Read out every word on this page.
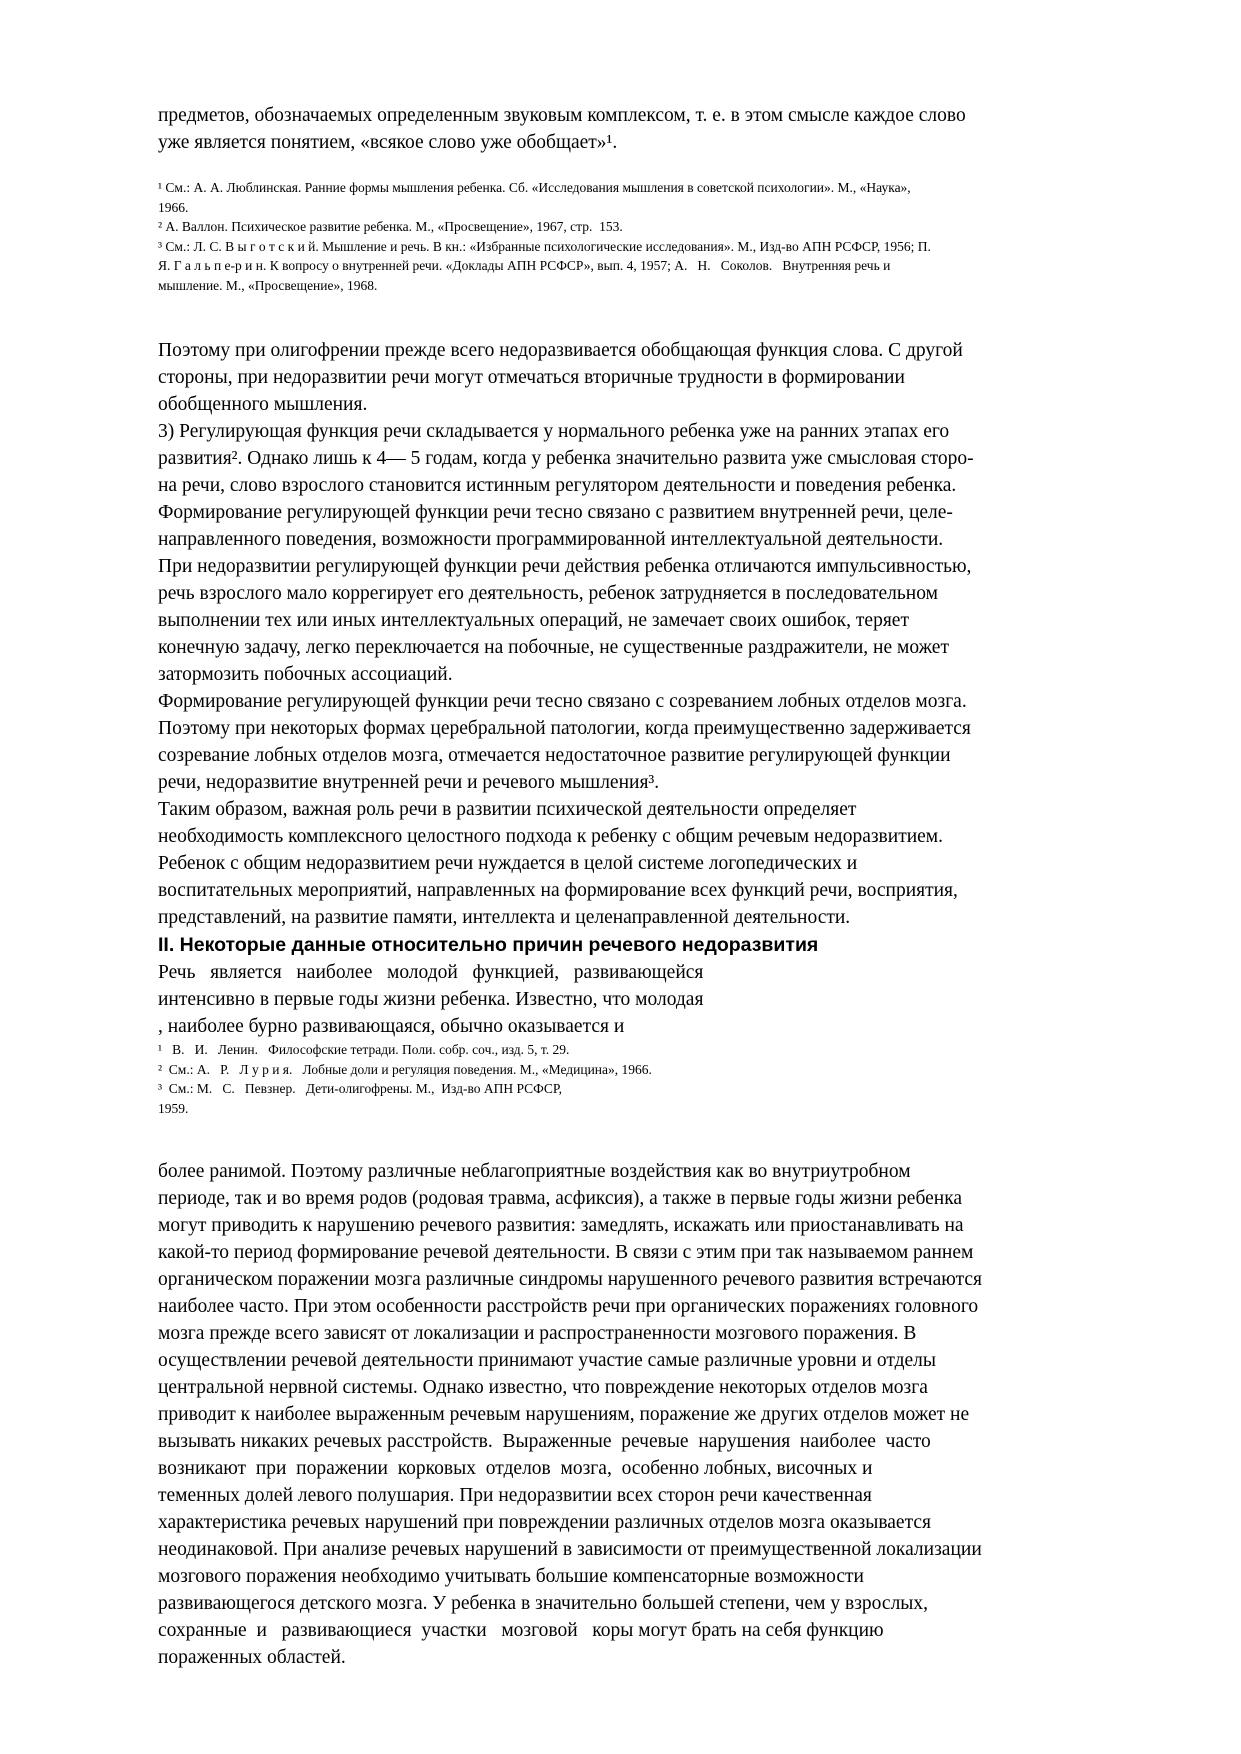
предметов, обозначаемых определенным звуковым комплексом, т. е. в этом смысле каждое слово
уже является понятием, «всякое слово уже обобщает»¹.
¹ См.: А. А. Люблинская. Ранние формы мышления ребенка. Сб. «Исследования мышления в советской психологии». М., «Наука»,
1966.
² А. Валлон. Психическое развитие ребенка. М., «Просвещение», 1967, стр.  153.
³ См.: Л. С. В ы г о т с к и й. Мышление и речь. В кн.: «Избранные психологические исследования». М., Изд-во АПН РСФСР, 1956; П.
Я. Г а л ь п е-р и н. К вопросу о внутренней речи. «Доклады АПН РСФСР», вып. 4, 1957; А.   Н.   Соколов.   Внутренняя речь и
мышление. М., «Просвещение», 1968.
Поэтому при олигофрении прежде всего недоразвивается обобщающая функция слова. С другой
стороны, при недоразвитии речи могут отмечаться вторичные трудности в формировании
обобщенного мышления.
3) Регулирующая функция речи складывается у нормального ребенка уже на ранних этапах его
развития². Однако лишь к 4— 5 годам, когда у ребенка значительно развита уже смысловая сторо-
на речи, слово взрослого становится истинным регулятором деятельности и поведения ребенка.
Формирование регулирующей функции речи тесно связано с развитием внутренней речи, целе-
направленного поведения, возможности программированной интеллектуальной деятельности.
При недоразвитии регулирующей функции речи действия ребенка отличаются импульсивностью,
речь взрослого мало коррегирует его деятельность, ребенок затрудняется в последовательном
выполнении тех или иных интеллектуальных операций, не замечает своих ошибок, теряет
конечную задачу, легко переключается на побочные, не существенные раздражители, не может
затормозить побочных ассоциаций.
Формирование регулирующей функции речи тесно связано с созреванием лобных отделов мозга.
Поэтому при некоторых формах церебральной патологии, когда преимущественно задерживается
созревание лобных отделов мозга, отмечается недостаточное развитие регулирующей функции
речи, недоразвитие внутренней речи и речевого мышления³.
Таким образом, важная роль речи в развитии психической деятельности определяет
необходимость комплексного целостного подхода к ребенку с общим речевым недоразвитием.
Ребенок с общим недоразвитием речи нуждается в целой системе логопедических и
воспитательных мероприятий, направленных на формирование всех функций речи, восприятия,
представлений, на развитие памяти, интеллекта и целенаправленной деятельности.
II. Некоторые данные относительно причин речевого недоразвития
Речь   является   наиболее   молодой   функцией,   развивающейся
интенсивно в первые годы жизни ребенка. Известно, что молодая
, наиболее бурно развивающаяся, обычно оказывается и
¹   В.   И.   Ленин.   Философские тетради. Поли. собр. соч., изд. 5, т. 29.
²  См.: А.   Р.   Л у р и я.   Лобные доли и регуляция поведения. М., «Медицина», 1966.
³  См.: М.   С.   Певзнер.   Дети-олигофрены. М.,  Изд-во АПН РСФСР,
1959.
более ранимой. Поэтому различные неблагоприятные воздействия как во внутриутробном
периоде, так и во время родов (родовая травма, асфиксия), а также в первые годы жизни ребенка
могут приводить к нарушению речевого развития: замедлять, искажать или приостанавливать на
какой-то период формирование речевой деятельности. В связи с этим при так называемом раннем
органическом поражении мозга различные синдромы нарушенного речевого развития встречаются
наиболее часто. При этом особенности расстройств речи при органических поражениях головного
мозга прежде всего зависят от локализации и распространенности мозгового поражения. В
осуществлении речевой деятельности принимают участие самые различные уровни и отделы
центральной нервной системы. Однако известно, что повреждение некоторых отделов мозга
приводит к наиболее выраженным речевым нарушениям, поражение же других отделов может не
вызывать никаких речевых расстройств.  Выраженные  речевые  нарушения  наиболее  часто
возникают  при  поражении  корковых  отделов  мозга,  особенно лобных, височных и
теменных долей левого полушария. При недоразвитии всех сторон речи качественная
характеристика речевых нарушений при повреждении различных отделов мозга оказывается
неодинаковой. При анализе речевых нарушений в зависимости от преимущественной локализации
мозгового поражения необходимо учитывать большие компенсаторные возможности
развивающегося детского мозга. У ребенка в значительно большей степени, чем у взрослых,
сохранные  и   развивающиеся  участки   мозговой   коры могут брать на себя функцию
пораженных областей.
